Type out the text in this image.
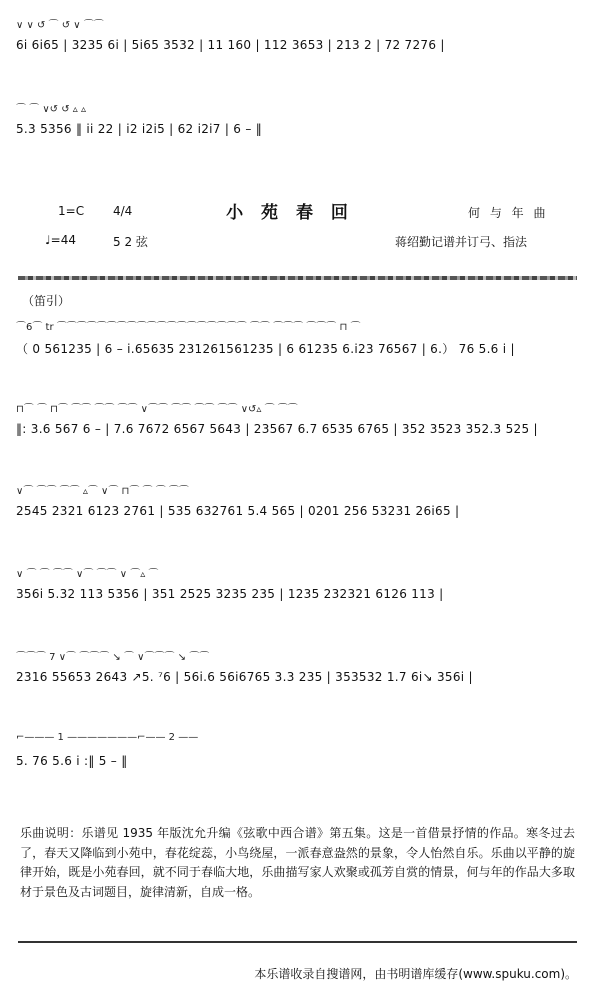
∨ ∨ ↺ ⌒ ↺ ∨ ⌒⌒
6i 6i65 | 3235 6i | 5i65 3532 | 11 160 | 112 3653 | 213 2 | 72 7276 |
⌒ ⌒ ∨↺ ↺ ▵ ▵
5.3 5356 ‖ ii 22 | i2 i2i5 | 62 i2i7 | 6 – ‖
1=C 4/4	小 苑 春 回	何 与 年 曲
♩=44	5 2 弦	蒋绍勤记谱并订弓、指法
（笛引）
⌒6⌒ tr ⌒⌒⌒⌒⌒⌒⌒⌒⌒⌒⌒⌒⌒⌒⌒⌒⌒⌒⌒ ⌒⌒ ⌒⌒⌒ ⌒⌒⌒ ⊓ ⌒
（ 0 561235 | 6 – i.65635 231261561235 | 6 61235 6.i23 76567 | 6.） 76 5.6 i |
⊓⌒ ⌒ ⊓⌒ ⌒⌒ ⌒⌒ ⌒⌒ ∨⌒⌒ ⌒⌒ ⌒⌒ ⌒⌒ ∨↺▵ ⌒ ⌒⌒
‖: 3.6 567 6 – | 7.6 7672 6567 5643 | 23567 6.7 6535 6765 | 352 3523 352.3 525 |
∨⌒ ⌒⌒ ⌒⌒ ▵⌒ ∨⌒ ⊓⌒ ⌒ ⌒ ⌒⌒
2545 2321 6123 2761 | 535 632761 5.4 565 | 0201 256 53231 26i65 |
∨ ⌒ ⌒ ⌒⌒ ∨⌒ ⌒⌒ ∨ ⌒▵ ⌒
356i 5.32 113 5356 | 351 2525 3235 235 | 1235 232321 6126 113 |
⌒⌒⌒ 7 ∨⌒ ⌒⌒⌒ ↘ ⌒ ∨⌒⌒⌒ ↘ ⌒⌒
2316 55653 2643 ↗5. ⁷6 | 56i.6 56i6765 3.3 235 | 353532 1.7 6i↘ 356i |
⌐——— 1 ———————⌐—— 2 ——
5. 76 5.6 i :‖ 5 – ‖
乐曲说明：乐谱见 1935 年版沈允升编《弦歌中西合谱》第五集。这是一首借景抒情的作品。寒冬过去了，春天又降临到小苑中，春花绽蕊，小鸟绕屋，一派春意盎然的景象，令人怡然自乐。乐曲以平静的旋律开始，既是小苑春回，就不同于春临大地，乐曲描写家人欢聚或孤芳自赏的情景，何与年的作品大多取材于景色及古词题目，旋律清新，自成一格。
本乐谱收录自搜谱网，由书明谱库缓存(www.spuku.com)。
